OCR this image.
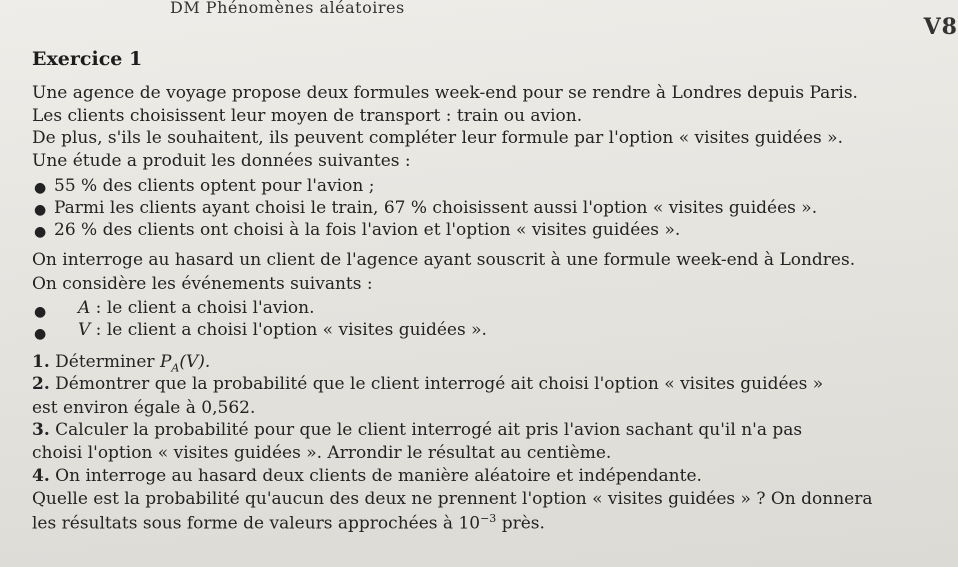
DM Phénomènes aléatoires
V8
Exercice 1
Une agence de voyage propose deux formules week-end pour se rendre à Londres depuis Paris.
Les clients choisissent leur moyen de transport : train ou avion.
De plus, s'ils le souhaitent, ils peuvent compléter leur formule par l'option « visites guidées ».
Une étude a produit les données suivantes :
● 55 % des clients optent pour l'avion ;
● Parmi les clients ayant choisi le train, 67 % choisissent aussi l'option « visites guidées ».
● 26 % des clients ont choisi à la fois l'avion et l'option « visites guidées ».
On interroge au hasard un client de l'agence ayant souscrit à une formule week-end à Londres.
On considère les événements suivants :
● A : le client a choisi l'avion.
● V : le client a choisi l'option « visites guidées ».
1. Déterminer $P_A(V)$.
2. Démontrer que la probabilité que le client interrogé ait choisi l'option « visites guidées »
est environ égale à 0,562.
3. Calculer la probabilité pour que le client interrogé ait pris l'avion sachant qu'il n'a pas
choisi l'option « visites guidées ». Arrondir le résultat au centième.
4. On interroge au hasard deux clients de manière aléatoire et indépendante.
Quelle est la probabilité qu'aucun des deux ne prennent l'option « visites guidées » ? On donnera
les résultats sous forme de valeurs approchées à $10^{-3}$ près.
